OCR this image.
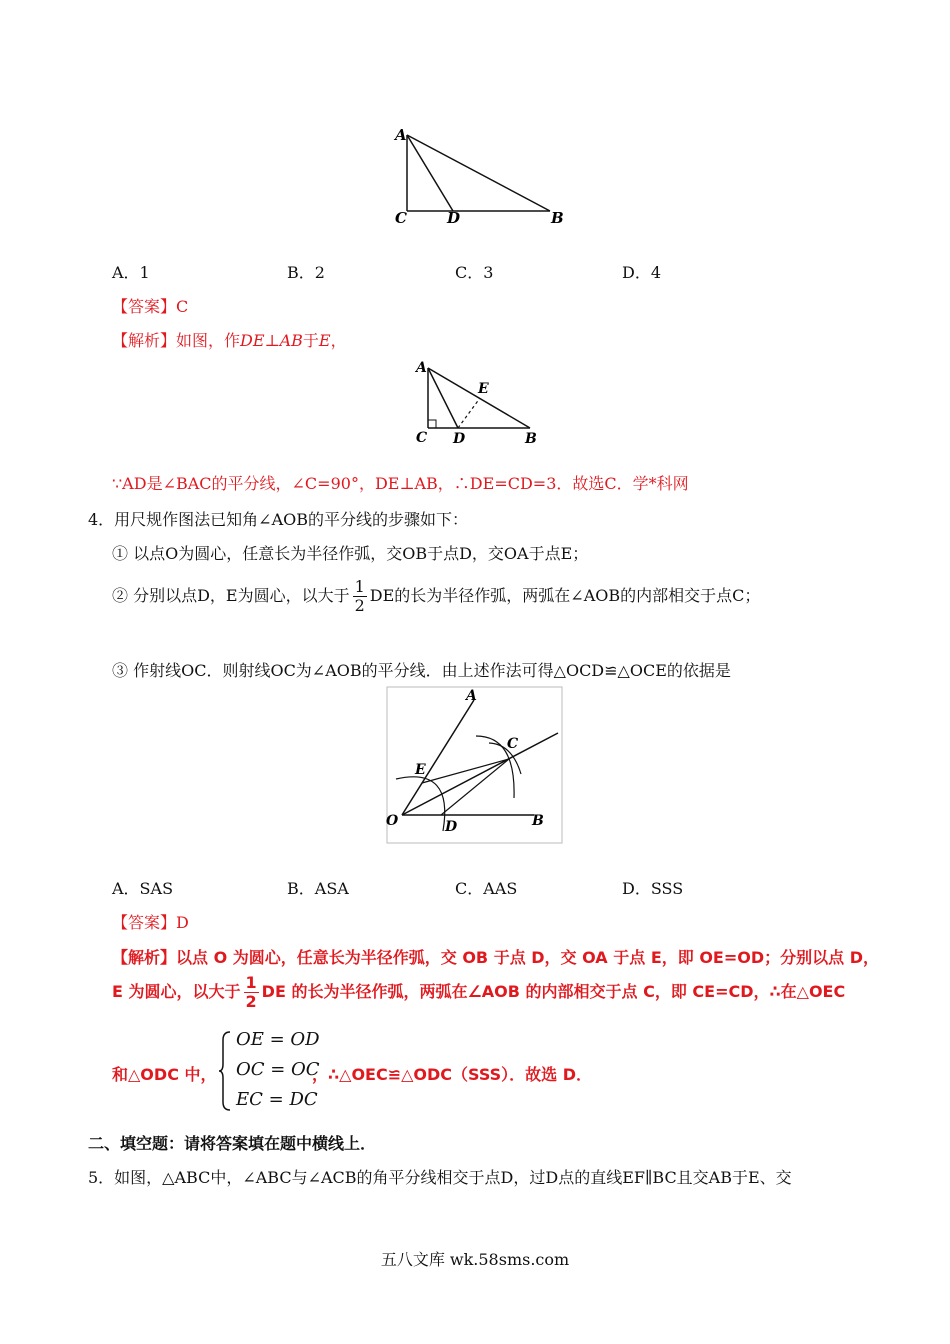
A
C	D	B
A．1	B．2	C．3	D．4
【答案】C
【解析】如图，作DE⊥AB于E，
A
E
C D	B
∵AD是∠BAC的平分线，∠C=90°，DE⊥AB，∴DE=CD=3．故选C．学*科网
4．用尺规作图法已知角∠AOB的平分线的步骤如下：
① 以点O为圆心，任意长为半径作弧，交OB于点D，交OA于点E；
② 分别以点D，E为圆心，以大于 $\frac{1}{2}$ DE的长为半径作弧，两弧在∠AOB的内部相交于点C；
③ 作射线OC．则射线OC为∠AOB的平分线．由上述作法可得△OCD≌△OCE的依据是
A
C
E
O	D	B
A．SAS	B．ASA	C．AAS	D．SSS
【答案】D
【解析】以点 O 为圆心，任意长为半径作弧，交 OB 于点 D，交 OA 于点 E，即 OE=OD；分别以点 D，
E 为圆心，以大于 $\frac{1}{2}$ DE 的长为半径作弧，两弧在∠AOB 的内部相交于点 C，即 CE=CD，∴在△OEC
和△ODC 中，
OE = OD
OC = OC
EC = DC
，∴△OEC≌△ODC（SSS）．故选 D．
二、填空题：请将答案填在题中横线上．
5．如图，△ABC中，∠ABC与∠ACB的角平分线相交于点D，过D点的直线EF∥BC且交AB于E、交
五八文库 wk.58sms.com
